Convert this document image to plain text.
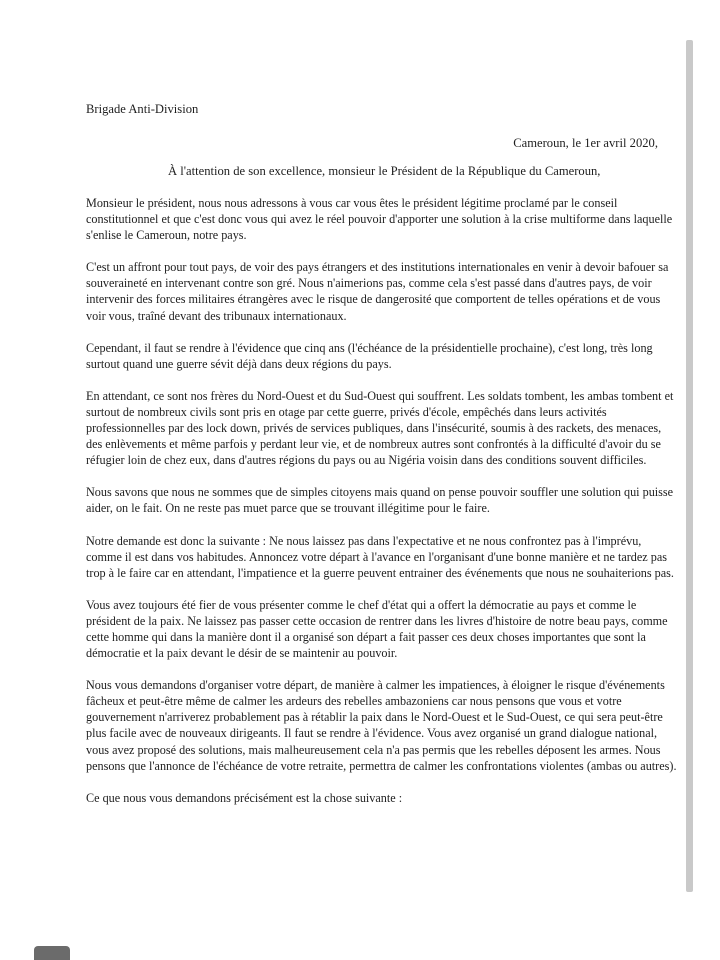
Brigade Anti-Division
Cameroun, le 1er avril 2020,
À l'attention de son excellence, monsieur le Président de la République du Cameroun,

Monsieur le président, nous nous adressons à vous car vous êtes le président légitime proclamé par le conseil constitutionnel et que c'est donc vous qui avez le réel pouvoir d'apporter une solution à la crise multiforme dans laquelle s'enlise le Cameroun, notre pays.

C'est un affront pour tout pays, de voir des pays étrangers et des institutions internationales en venir à devoir bafouer sa souveraineté en intervenant contre son gré. Nous n'aimerions pas, comme cela s'est passé dans d'autres pays, de voir intervenir des forces militaires étrangères avec le risque de dangerosité que comportent de telles opérations et de vous voir vous, traîné devant des tribunaux internationaux.

Cependant, il faut se rendre à l'évidence que cinq ans (l'échéance de la présidentielle prochaine), c'est long, très long surtout quand une guerre sévit déjà dans deux régions du pays.

En attendant, ce sont nos frères du Nord-Ouest et du Sud-Ouest qui souffrent. Les soldats tombent, les ambas tombent et surtout de nombreux civils sont pris en otage par cette guerre, privés d'école, empêchés dans leurs activités professionnelles par des lock down, privés de services publiques, dans l'insécurité, soumis à des rackets, des menaces, des enlèvements et même parfois y perdant leur vie, et de nombreux autres sont confrontés à la difficulté d'avoir du se réfugier loin de chez eux, dans d'autres régions du pays ou au Nigéria voisin dans des conditions souvent difficiles.

Nous savons que nous ne sommes que de simples citoyens mais quand on pense pouvoir souffler une solution qui puisse aider, on le fait. On ne reste pas muet parce que se trouvant illégitime pour le faire.

Notre demande est donc la suivante : Ne nous laissez pas dans l'expectative et ne nous confrontez pas à l'imprévu, comme il est dans vos habitudes. Annoncez votre départ à l'avance en l'organisant d'une bonne manière et ne tardez pas trop à le faire car en attendant, l'impatience et la guerre peuvent entrainer des événements que nous ne souhaiterions pas.

Vous avez toujours été fier de vous présenter comme le chef d'état qui a offert la démocratie au pays et comme le président de la paix. Ne laissez pas passer cette occasion de rentrer dans les livres d'histoire de notre beau pays, comme cette homme qui dans la manière dont il a organisé son départ a fait passer ces deux choses importantes que sont la démocratie et la paix devant le désir de se maintenir au pouvoir.

Nous vous demandons d'organiser votre départ, de manière à calmer les impatiences, à éloigner le risque d'événements fâcheux et peut-être même de calmer les ardeurs des rebelles ambazoniens car nous pensons que vous et votre gouvernement n'arriverez probablement pas à rétablir la paix dans le Nord-Ouest et le Sud-Ouest, ce qui sera peut-être plus facile avec de nouveaux dirigeants. Il faut se rendre à l'évidence. Vous avez organisé un grand dialogue national, vous avez proposé des solutions, mais malheureusement cela n'a pas permis que les rebelles déposent les armes. Nous pensons que l'annonce de l'échéance de votre retraite, permettra de calmer les confrontations violentes (ambas ou autres).

Ce que nous vous demandons précisément est la chose suivante :
